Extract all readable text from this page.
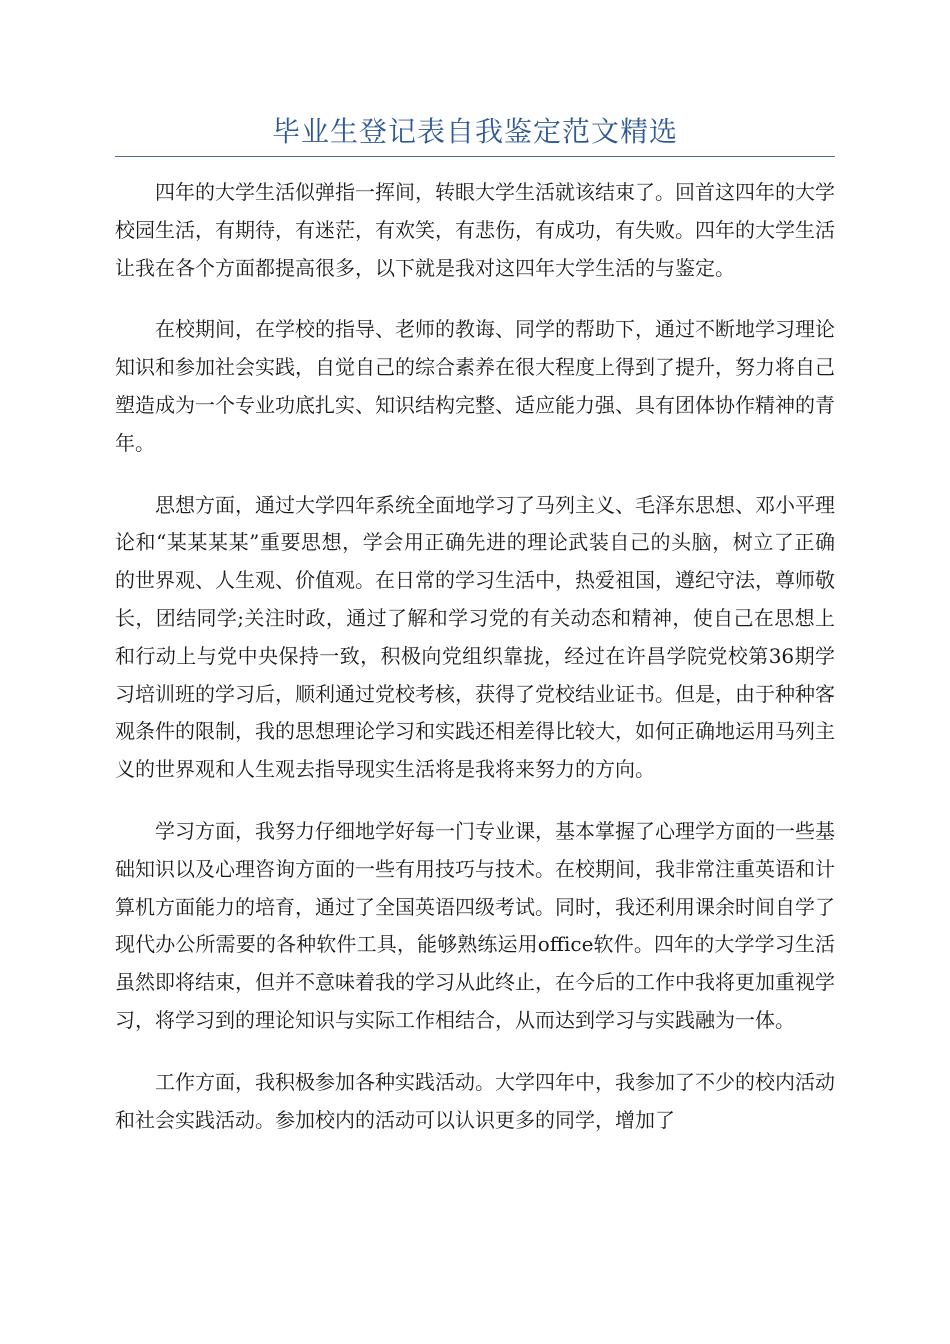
毕业生登记表自我鉴定范文精选

四年的大学生活似弹指一挥间，转眼大学生活就该结束了。回首这四年的大学校园生活，有期待，有迷茫，有欢笑，有悲伤，有成功，有失败。四年的大学生活让我在各个方面都提高很多，以下就是我对这四年大学生活的与鉴定。

在校期间，在学校的指导、老师的教诲、同学的帮助下，通过不断地学习理论知识和参加社会实践，自觉自己的综合素养在很大程度上得到了提升，努力将自己塑造成为一个专业功底扎实、知识结构完整、适应能力强、具有团体协作精神的青年。

思想方面，通过大学四年系统全面地学习了马列主义、毛泽东思想、邓小平理论和“某某某某”重要思想，学会用正确先进的理论武装自己的头脑，树立了正确的世界观、人生观、价值观。在日常的学习生活中，热爱祖国，遵纪守法，尊师敬长，团结同学;关注时政，通过了解和学习党的有关动态和精神，使自己在思想上和行动上与党中央保持一致，积极向党组织靠拢，经过在许昌学院党校第36期学习培训班的学习后，顺利通过党校考核，获得了党校结业证书。但是，由于种种客观条件的限制，我的思想理论学习和实践还相差得比较大，如何正确地运用马列主义的世界观和人生观去指导现实生活将是我将来努力的方向。

学习方面，我努力仔细地学好每一门专业课，基本掌握了心理学方面的一些基础知识以及心理咨询方面的一些有用技巧与技术。在校期间，我非常注重英语和计算机方面能力的培育，通过了全国英语四级考试。同时，我还利用课余时间自学了现代办公所需要的各种软件工具，能够熟练运用office软件。四年的大学学习生活虽然即将结束，但并不意味着我的学习从此终止，在今后的工作中我将更加重视学习，将学习到的理论知识与实际工作相结合，从而达到学习与实践融为一体。

工作方面，我积极参加各种实践活动。大学四年中，我参加了不少的校内活动和社会实践活动。参加校内的活动可以认识更多的同学，增加了
